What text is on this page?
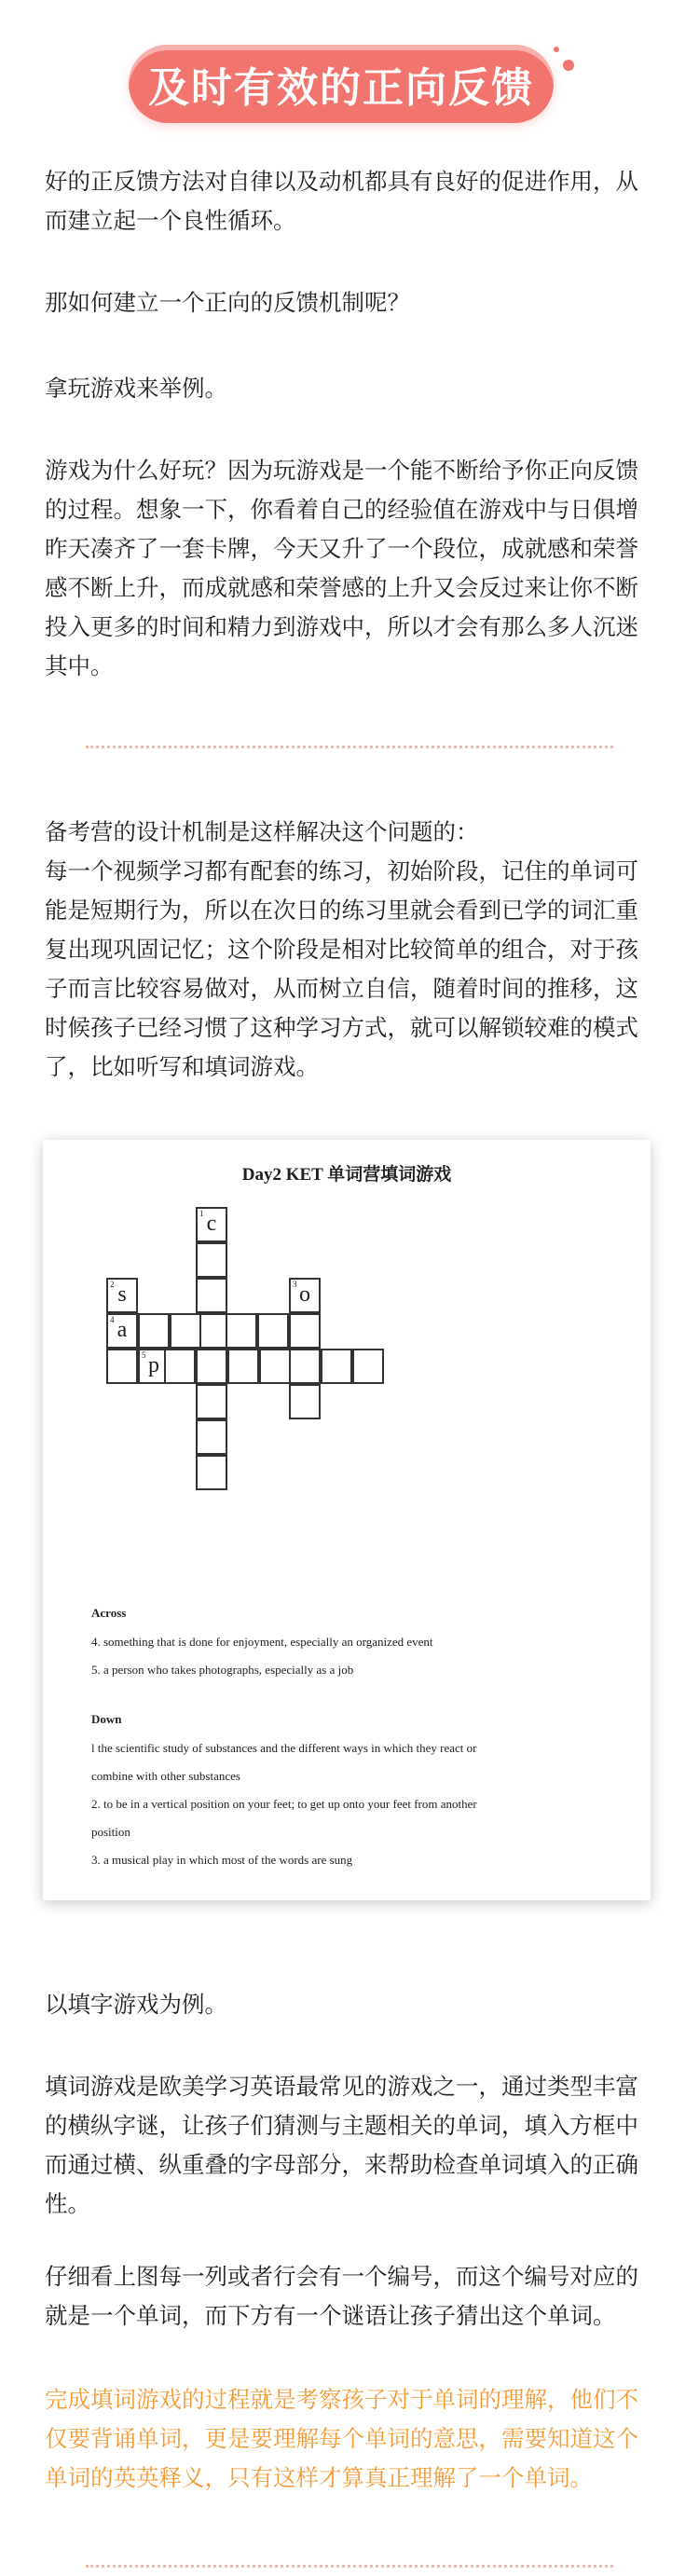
及时有效的正向反馈

好的正反馈方法对自律以及动机都具有良好的促进作用，从而建立起一个良性循环。

那如何建立一个正向的反馈机制呢？

拿玩游戏来举例。

游戏为什么好玩？因为玩游戏是一个能不断给予你正向反馈的过程。想象一下，你看着自己的经验值在游戏中与日俱增昨天凑齐了一套卡牌，今天又升了一个段位，成就感和荣誉感不断上升，而成就感和荣誉感的上升又会反过来让你不断投入更多的时间和精力到游戏中，所以才会有那么多人沉迷其中。

备考营的设计机制是这样解决这个问题的：

每一个视频学习都有配套的练习，初始阶段，记住的单词可能是短期行为，所以在次日的练习里就会看到已学的词汇重复出现巩固记忆；这个阶段是相对比较简单的组合，对于孩子而言比较容易做对，从而树立自信，随着时间的推移，这时候孩子已经习惯了这种学习方式，就可以解锁较难的模式了，比如听写和填词游戏。

Day2 KET 单词营填词游戏
1 c
2 s
4 a
3 o
5 p

Across

4. something that is done for enjoyment, especially an organized event

5. a person who takes photographs, especially as a job

Down

l the scientific study of substances and the different ways in which they react or

combine with other substances

2. to be in a vertical position on your feet; to get up onto your feet from another

position

3. a musical play in which most of the words are sung

以填字游戏为例。

填词游戏是欧美学习英语最常见的游戏之一，通过类型丰富的横纵字谜，让孩子们猜测与主题相关的单词，填入方框中而通过横、纵重叠的字母部分，来帮助检查单词填入的正确性。

仔细看上图每一列或者行会有一个编号，而这个编号对应的就是一个单词，而下方有一个谜语让孩子猜出这个单词。

完成填词游戏的过程就是考察孩子对于单词的理解，他们不仅要背诵单词，更是要理解每个单词的意思，需要知道这个单词的英英释义，只有这样才算真正理解了一个单词。
